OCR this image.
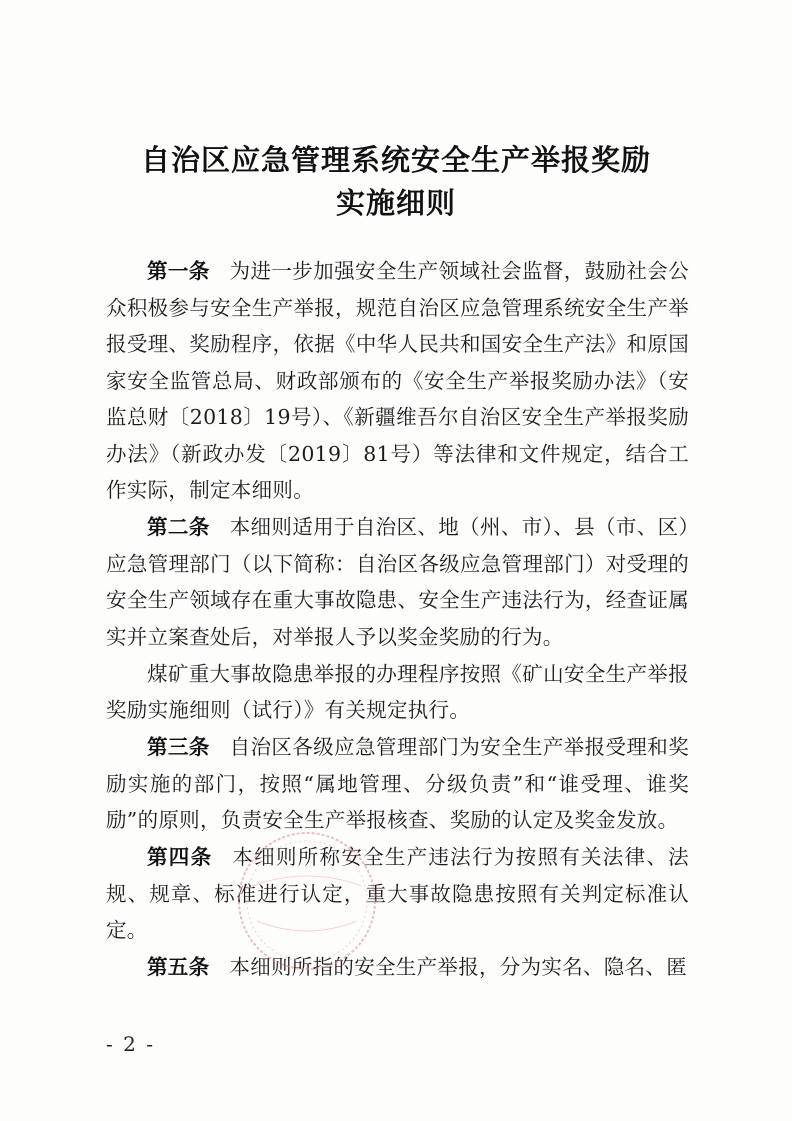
自治区应急管理系统安全生产举报奖励
实施细则

第一条 为进一步加强安全生产领域社会监督，鼓励社会公众积极参与安全生产举报，规范自治区应急管理系统安全生产举报受理、奖励程序，依据《中华人民共和国安全生产法》和原国家安全监管总局、财政部颁布的《安全生产举报奖励办法》（安监总财〔2018〕19号）、《新疆维吾尔自治区安全生产举报奖励办法》（新政办发〔2019〕81号）等法律和文件规定，结合工作实际，制定本细则。

第二条 本细则适用于自治区、地（州、市）、县（市、区）应急管理部门（以下简称：自治区各级应急管理部门）对受理的安全生产领域存在重大事故隐患、安全生产违法行为，经查证属实并立案查处后，对举报人予以奖金奖励的行为。

煤矿重大事故隐患举报的办理程序按照《矿山安全生产举报奖励实施细则（试行）》有关规定执行。

第三条 自治区各级应急管理部门为安全生产举报受理和奖励实施的部门，按照“属地管理、分级负责”和“谁受理、谁奖励”的原则，负责安全生产举报核查、奖励的认定及奖金发放。

第四条 本细则所称安全生产违法行为按照有关法律、法规、规章、标准进行认定，重大事故隐患按照有关判定标准认定。

第五条 本细则所指的安全生产举报，分为实名、隐名、匿

- 2 -
